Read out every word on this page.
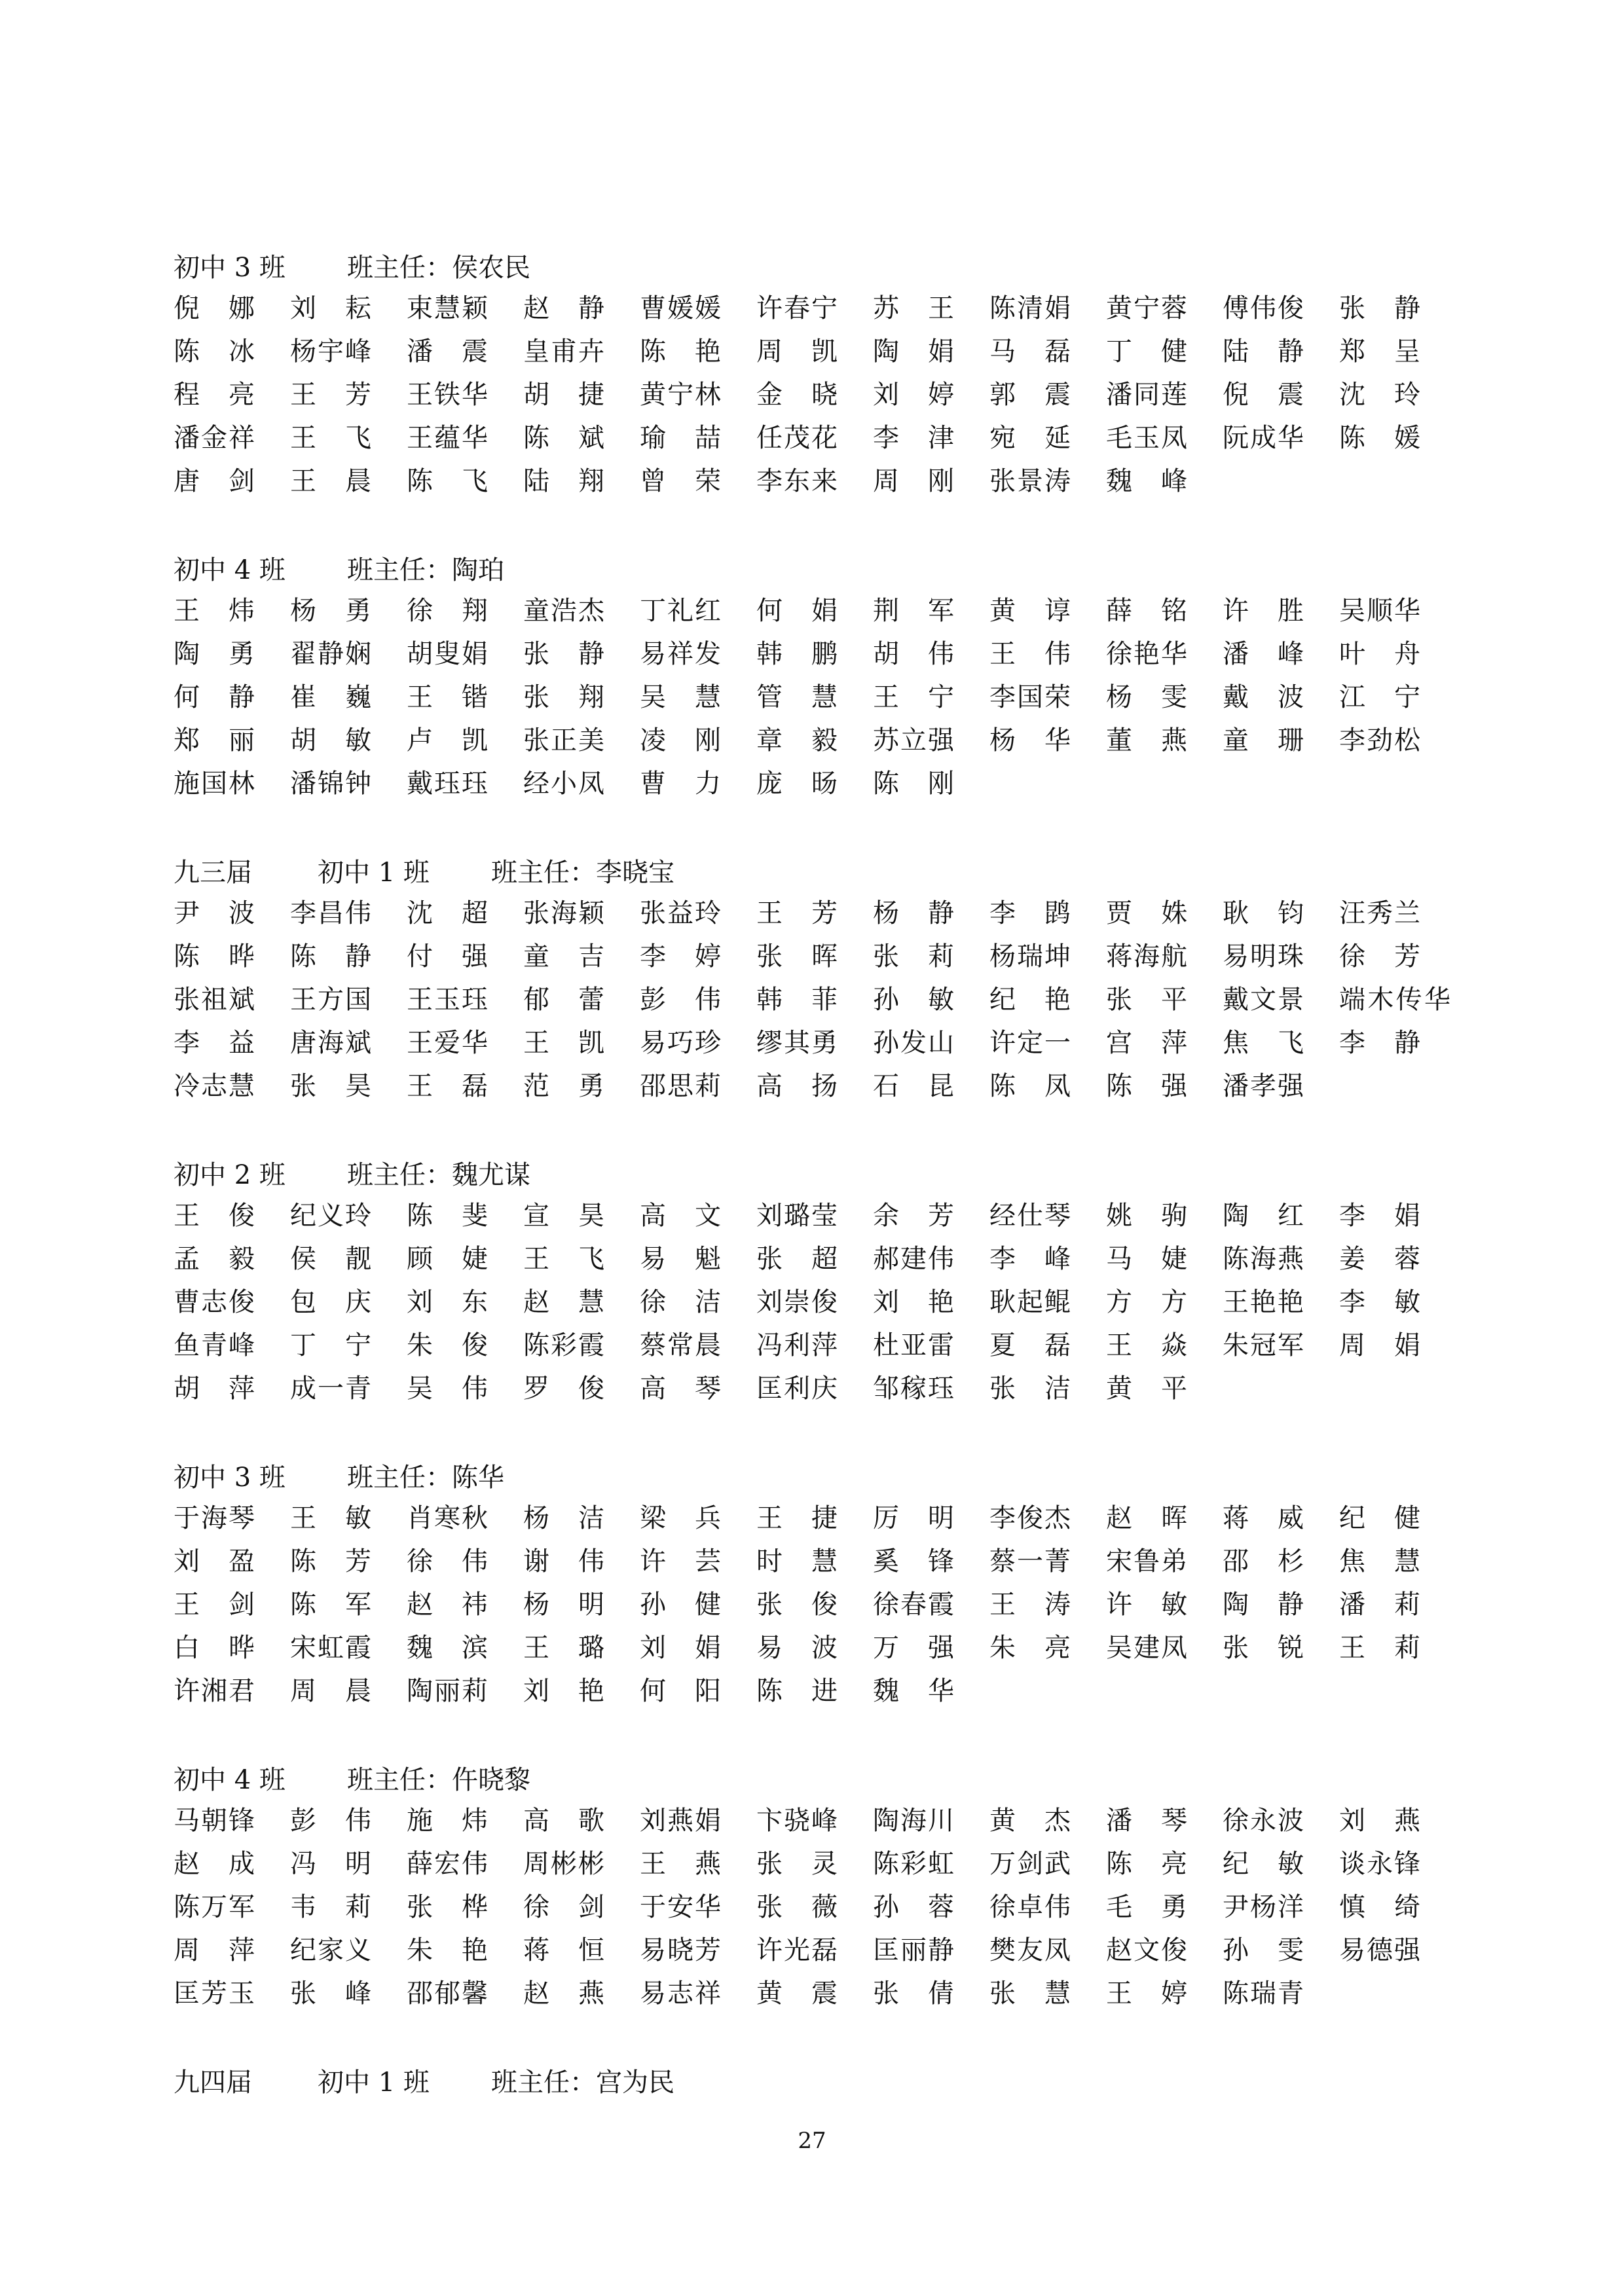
初中 3 班	班主任：侯农民
倪娜 刘耘 束慧颖 赵静 曹媛媛 许春宁 苏王 陈清娟 黄宁蓉 傅伟俊 张静
陈冰 杨宇峰 潘震 皇甫卉 陈艳 周凯 陶娟 马磊 丁健 陆静 郑呈
程亮 王芳 王铁华 胡捷 黄宁林 金晓 刘婷 郭震 潘同莲 倪震 沈玲
潘金祥 王飞 王蕴华 陈斌 瑜喆 任茂花 李津 宛延 毛玉凤 阮成华 陈媛
唐剑 王晨 陈飞 陆翔 曾荣 李东来 周刚 张景涛 魏峰
初中 4 班	班主任：陶珀
王炜 杨勇 徐翔 童浩杰 丁礼红 何娟 荆军 黄谆 薛铭 许胜 吴顺华
陶勇 翟静娴 胡叟娟 张静 易祥发 韩鹏 胡伟 王伟 徐艳华 潘峰 叶舟
何静 崔巍 王锴 张翔 吴慧 管慧 王宁 李国荣 杨雯 戴波 江宁
郑丽 胡敏 卢凯 张正美 凌刚 章毅 苏立强 杨华 董燕 童珊 李劲松
施国林 潘锦钟 戴珏珏 经小凤 曹力 庞旸 陈刚
九三届	初中 1 班	班主任：李晓宝
尹波 李昌伟 沈超 张海颖 张益玲 王芳 杨静 李鹍 贾姝 耿钧 汪秀兰
陈晔 陈静 付强 童吉 李婷 张晖 张莉 杨瑞坤 蒋海航 易明珠 徐芳
张祖斌 王方国 王玉珏 郁蕾 彭伟 韩菲 孙敏 纪艳 张平 戴文景 端木传华
李益 唐海斌 王爱华 王凯 易巧珍 缪其勇 孙发山 许定一 宫萍 焦飞 李静
冷志慧 张昊 王磊 范勇 邵思莉 高扬 石昆 陈凤 陈强 潘孝强
初中 2 班	班主任：魏尤谋
王俊 纪义玲 陈斐 宣昊 高文 刘璐莹 余芳 经仕琴 姚驹 陶红 李娟
孟毅 侯靓 顾婕 王飞 易魁 张超 郝建伟 李峰 马婕 陈海燕 姜蓉
曹志俊 包庆 刘东 赵慧 徐洁 刘崇俊 刘艳 耿起鲲 方方 王艳艳 李敏
鱼青峰 丁宁 朱俊 陈彩霞 蔡常晨 冯利萍 杜亚雷 夏磊 王焱 朱冠军 周娟
胡萍 成一青 吴伟 罗俊 高琴 匡利庆 邹稼珏 张洁 黄平
初中 3 班	班主任：陈华
于海琴 王敏 肖寒秋 杨洁 梁兵 王捷 厉明 李俊杰 赵晖 蒋威 纪健
刘盈 陈芳 徐伟 谢伟 许芸 时慧 奚锋 蔡一菁 宋鲁弟 邵杉 焦慧
王剑 陈军 赵祎 杨明 孙健 张俊 徐春霞 王涛 许敏 陶静 潘莉
白晔 宋虹霞 魏滨 王璐 刘娟 易波 万强 朱亮 吴建凤 张锐 王莉
许湘君 周晨 陶丽莉 刘艳 何阳 陈进 魏华
初中 4 班	班主任：仵晓黎
马朝锋 彭伟 施炜 高歌 刘燕娟 卞骁峰 陶海川 黄杰 潘琴 徐永波 刘燕
赵成 冯明 薛宏伟 周彬彬 王燕 张灵 陈彩虹 万剑武 陈亮 纪敏 谈永锋
陈万军 韦莉 张桦 徐剑 于安华 张薇 孙蓉 徐卓伟 毛勇 尹杨洋 慎绮
周萍 纪家义 朱艳 蒋恒 易晓芳 许光磊 匡丽静 樊友凤 赵文俊 孙雯 易德强
匡芳玉 张峰 邵郁馨 赵燕 易志祥 黄震 张倩 张慧 王婷 陈瑞青
九四届	初中 1 班	班主任：宫为民
27
